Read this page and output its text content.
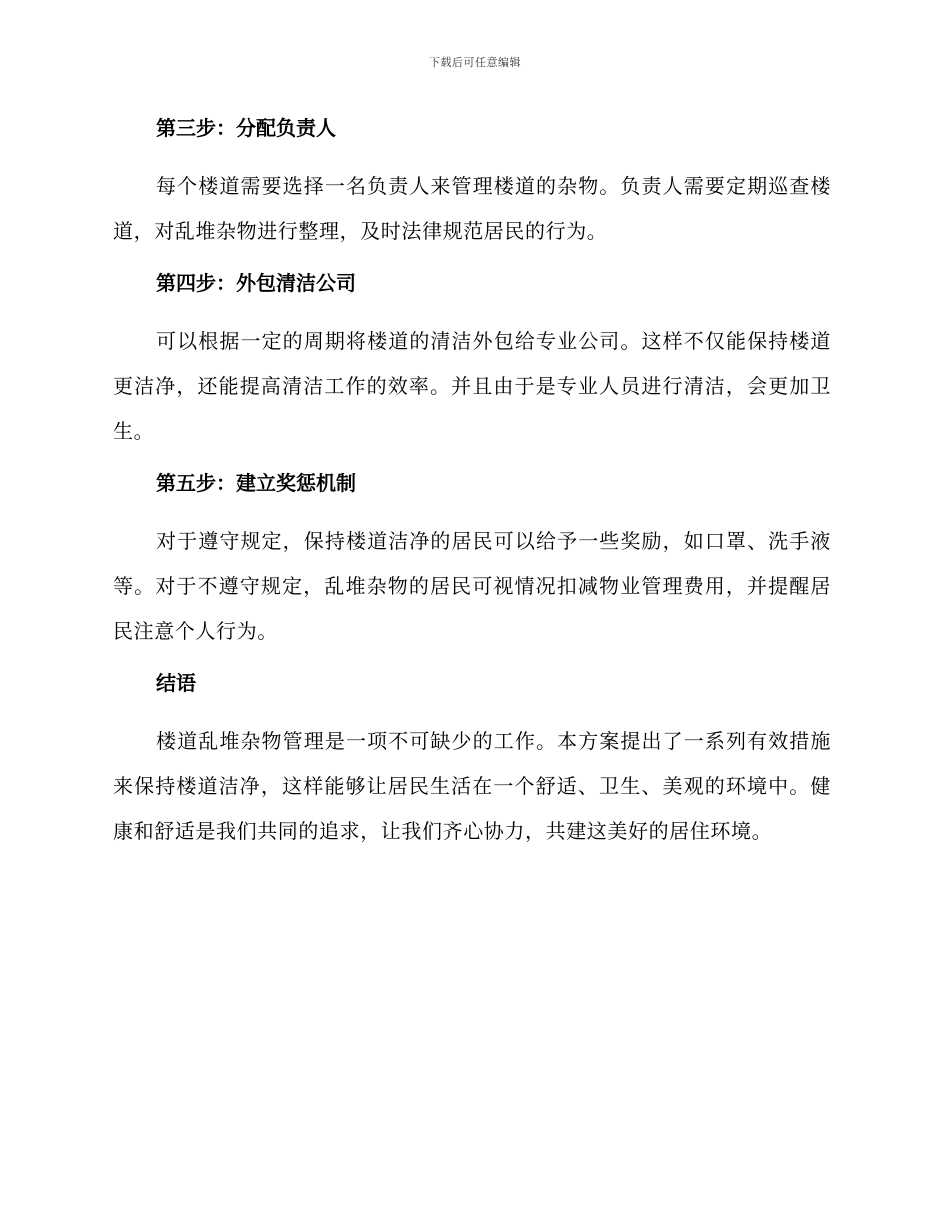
下载后可任意编辑
第三步：分配负责人
每个楼道需要选择一名负责人来管理楼道的杂物。负责人需要定期巡查楼道，对乱堆杂物进行整理，及时法律规范居民的行为。
第四步：外包清洁公司
可以根据一定的周期将楼道的清洁外包给专业公司。这样不仅能保持楼道更洁净，还能提高清洁工作的效率。并且由于是专业人员进行清洁，会更加卫生。
第五步：建立奖惩机制
对于遵守规定，保持楼道洁净的居民可以给予一些奖励，如口罩、洗手液等。对于不遵守规定，乱堆杂物的居民可视情况扣减物业管理费用，并提醒居民注意个人行为。
结语
楼道乱堆杂物管理是一项不可缺少的工作。本方案提出了一系列有效措施来保持楼道洁净，这样能够让居民生活在一个舒适、卫生、美观的环境中。健康和舒适是我们共同的追求，让我们齐心协力，共建这美好的居住环境。
